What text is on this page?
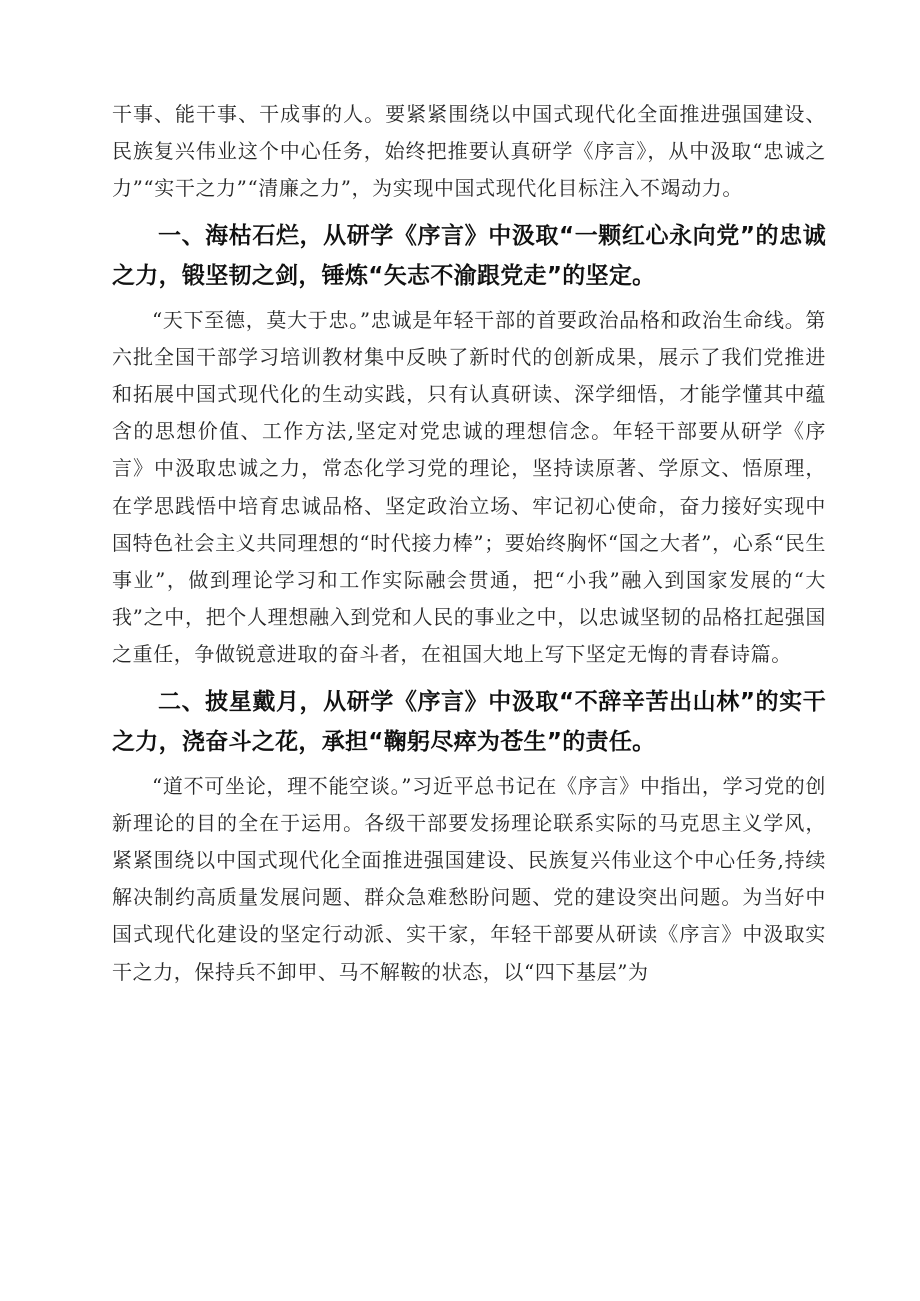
干事、能干事、干成事的人。要紧紧围绕以中国式现代化全面推进强国建设、民族复兴伟业这个中心任务，始终把推要认真研学《序言》，从中汲取“忠诚之力”“实干之力”“清廉之力”，为实现中国式现代化目标注入不竭动力。

一、海枯石烂，从研学《序言》中汲取“一颗红心永向党”的忠诚之力，锻坚韧之剑，锤炼“矢志不渝跟党走”的坚定。

“天下至德，莫大于忠。”忠诚是年轻干部的首要政治品格和政治生命线。第六批全国干部学习培训教材集中反映了新时代的创新成果，展示了我们党推进和拓展中国式现代化的生动实践，只有认真研读、深学细悟，才能学懂其中蕴含的思想价值、工作方法,坚定对党忠诚的理想信念。年轻干部要从研学《序言》中汲取忠诚之力，常态化学习党的理论，坚持读原著、学原文、悟原理，在学思践悟中培育忠诚品格、坚定政治立场、牢记初心使命，奋力接好实现中国特色社会主义共同理想的“时代接力棒”；要始终胸怀“国之大者”，心系“民生事业”，做到理论学习和工作实际融会贯通，把“小我”融入到国家发展的“大我”之中，把个人理想融入到党和人民的事业之中，以忠诚坚韧的品格扛起强国之重任，争做锐意进取的奋斗者，在祖国大地上写下坚定无悔的青春诗篇。

二、披星戴月，从研学《序言》中汲取“不辞辛苦出山林”的实干之力，浇奋斗之花，承担“鞠躬尽瘁为苍生”的责任。

“道不可坐论，理不能空谈。”习近平总书记在《序言》中指出，学习党的创新理论的目的全在于运用。各级干部要发扬理论联系实际的马克思主义学风，紧紧围绕以中国式现代化全面推进强国建设、民族复兴伟业这个中心任务,持续解决制约高质量发展问题、群众急难愁盼问题、党的建设突出问题。为当好中国式现代化建设的坚定行动派、实干家，年轻干部要从研读《序言》中汲取实干之力，保持兵不卸甲、马不解鞍的状态，以“四下基层”为
